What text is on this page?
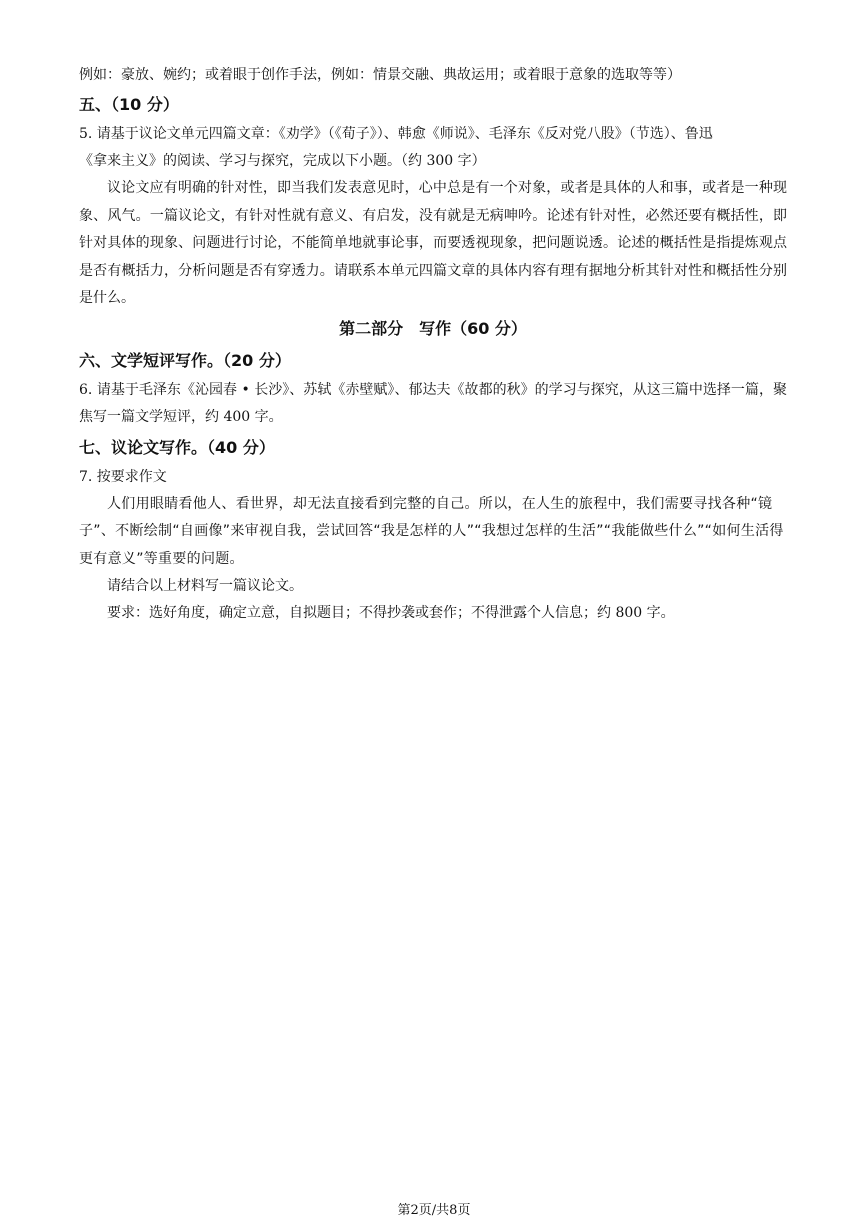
例如：豪放、婉约；或着眼于创作手法，例如：情景交融、典故运用；或着眼于意象的选取等等）

五、（10 分）

5. 请基于议论文单元四篇文章：《劝学》（《荀子》）、韩愈《师说》、毛泽东《反对党八股》（节选）、鲁迅

《拿来主义》的阅读、学习与探究，完成以下小题。（约 300 字）

议论文应有明确的针对性，即当我们发表意见时，心中总是有一个对象，或者是具体的人和事，或者是一种现象、风气。一篇议论文，有针对性就有意义、有启发，没有就是无病呻吟。论述有针对性，必然还要有概括性，即针对具体的现象、问题进行讨论，不能简单地就事论事，而要透视现象，把问题说透。论述的概括性是指提炼观点是否有概括力，分析问题是否有穿透力。请联系本单元四篇文章的具体内容有理有据地分析其针对性和概括性分别是什么。

第二部分　写作（60 分）

六、文学短评写作。（20 分）

6. 请基于毛泽东《沁园春 • 长沙》、苏轼《赤壁赋》、郁达夫《故都的秋》的学习与探究，从这三篇中选择一篇，聚焦写一篇文学短评，约 400 字。

七、议论文写作。（40 分）

7. 按要求作文

人们用眼睛看他人、看世界，却无法直接看到完整的自己。所以，在人生的旅程中，我们需要寻找各种“镜子”、不断绘制“自画像”来审视自我，尝试回答“我是怎样的人”“我想过怎样的生活”“我能做些什么”“如何生活得更有意义”等重要的问题。

请结合以上材料写一篇议论文。

要求：选好角度，确定立意，自拟题目；不得抄袭或套作；不得泄露个人信息；约 800 字。

第2页/共8页
